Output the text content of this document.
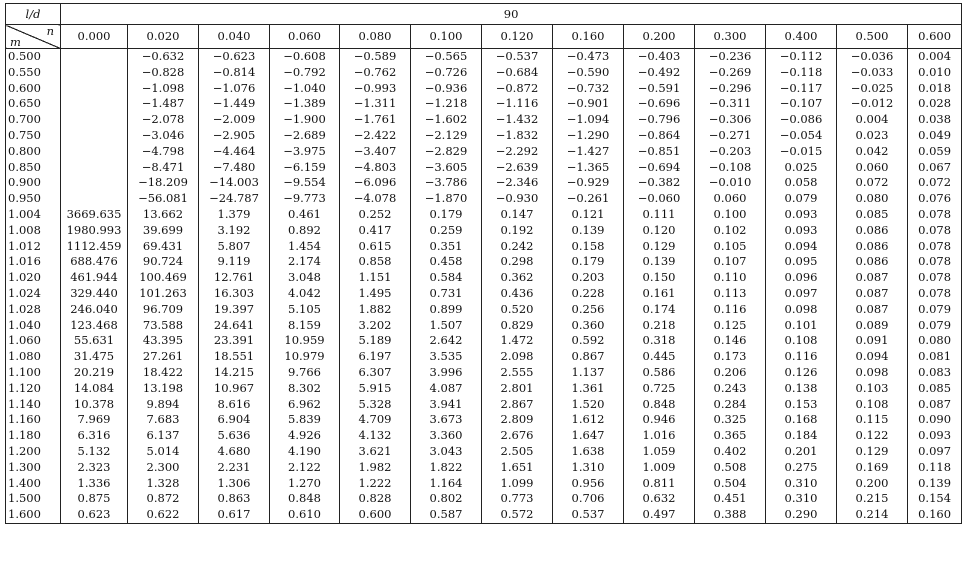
l/d	90												

n
m	0.000	0.020	0.040	0.060	0.080	0.100	0.120	0.160	0.200	0.300	0.400	0.500	0.600
0.500		−0.632	−0.623	−0.608	−0.589	−0.565	−0.537	−0.473	−0.403	−0.236	−0.112	−0.036	0.004
0.550		−0.828	−0.814	−0.792	−0.762	−0.726	−0.684	−0.590	−0.492	−0.269	−0.118	−0.033	0.010
0.600		−1.098	−1.076	−1.040	−0.993	−0.936	−0.872	−0.732	−0.591	−0.296	−0.117	−0.025	0.018
0.650		−1.487	−1.449	−1.389	−1.311	−1.218	−1.116	−0.901	−0.696	−0.311	−0.107	−0.012	0.028
0.700		−2.078	−2.009	−1.900	−1.761	−1.602	−1.432	−1.094	−0.796	−0.306	−0.086	0.004	0.038
0.750		−3.046	−2.905	−2.689	−2.422	−2.129	−1.832	−1.290	−0.864	−0.271	−0.054	0.023	0.049
0.800		−4.798	−4.464	−3.975	−3.407	−2.829	−2.292	−1.427	−0.851	−0.203	−0.015	0.042	0.059
0.850		−8.471	−7.480	−6.159	−4.803	−3.605	−2.639	−1.365	−0.694	−0.108	0.025	0.060	0.067
0.900		−18.209	−14.003	−9.554	−6.096	−3.786	−2.346	−0.929	−0.382	−0.010	0.058	0.072	0.072
0.950		−56.081	−24.787	−9.773	−4.078	−1.870	−0.930	−0.261	−0.060	0.060	0.079	0.080	0.076
1.004	3669.635	13.662	1.379	0.461	0.252	0.179	0.147	0.121	0.111	0.100	0.093	0.085	0.078
1.008	1980.993	39.699	3.192	0.892	0.417	0.259	0.192	0.139	0.120	0.102	0.093	0.086	0.078
1.012	1112.459	69.431	5.807	1.454	0.615	0.351	0.242	0.158	0.129	0.105	0.094	0.086	0.078
1.016	688.476	90.724	9.119	2.174	0.858	0.458	0.298	0.179	0.139	0.107	0.095	0.086	0.078
1.020	461.944	100.469	12.761	3.048	1.151	0.584	0.362	0.203	0.150	0.110	0.096	0.087	0.078
1.024	329.440	101.263	16.303	4.042	1.495	0.731	0.436	0.228	0.161	0.113	0.097	0.087	0.078
1.028	246.040	96.709	19.397	5.105	1.882	0.899	0.520	0.256	0.174	0.116	0.098	0.087	0.079
1.040	123.468	73.588	24.641	8.159	3.202	1.507	0.829	0.360	0.218	0.125	0.101	0.089	0.079
1.060	55.631	43.395	23.391	10.959	5.189	2.642	1.472	0.592	0.318	0.146	0.108	0.091	0.080
1.080	31.475	27.261	18.551	10.979	6.197	3.535	2.098	0.867	0.445	0.173	0.116	0.094	0.081
1.100	20.219	18.422	14.215	9.766	6.307	3.996	2.555	1.137	0.586	0.206	0.126	0.098	0.083
1.120	14.084	13.198	10.967	8.302	5.915	4.087	2.801	1.361	0.725	0.243	0.138	0.103	0.085
1.140	10.378	9.894	8.616	6.962	5.328	3.941	2.867	1.520	0.848	0.284	0.153	0.108	0.087
1.160	7.969	7.683	6.904	5.839	4.709	3.673	2.809	1.612	0.946	0.325	0.168	0.115	0.090
1.180	6.316	6.137	5.636	4.926	4.132	3.360	2.676	1.647	1.016	0.365	0.184	0.122	0.093
1.200	5.132	5.014	4.680	4.190	3.621	3.043	2.505	1.638	1.059	0.402	0.201	0.129	0.097
1.300	2.323	2.300	2.231	2.122	1.982	1.822	1.651	1.310	1.009	0.508	0.275	0.169	0.118
1.400	1.336	1.328	1.306	1.270	1.222	1.164	1.099	0.956	0.811	0.504	0.310	0.200	0.139
1.500	0.875	0.872	0.863	0.848	0.828	0.802	0.773	0.706	0.632	0.451	0.310	0.215	0.154
1.600	0.623	0.622	0.617	0.610	0.600	0.587	0.572	0.537	0.497	0.388	0.290	0.214	0.160
